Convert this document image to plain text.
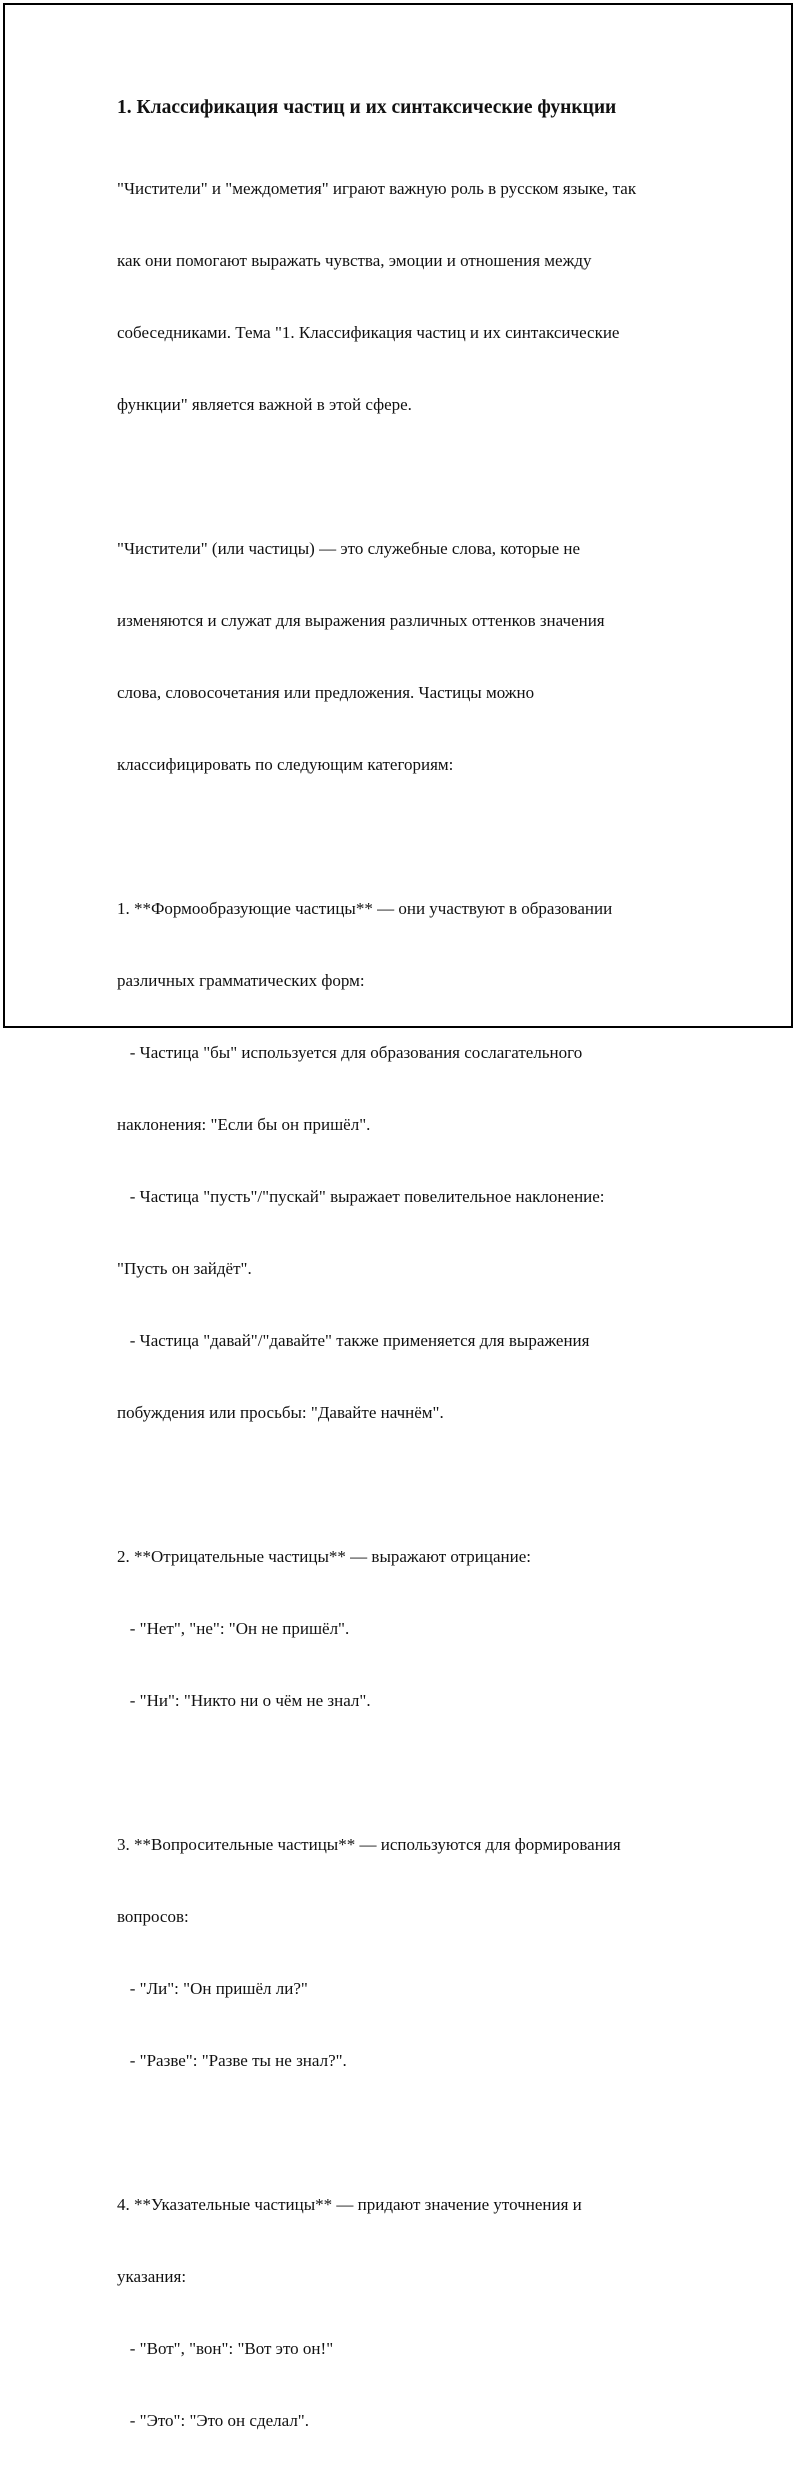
1. Классификация частиц и их синтаксические функции

"Чистители" и "междометия" играют важную роль в русском языке, так

как они помогают выражать чувства, эмоции и отношения между

собеседниками. Тема "1. Классификация частиц и их синтаксические

функции" является важной в этой сфере.

"Чистители" (или частицы) — это служебные слова, которые не

изменяются и служат для выражения различных оттенков значения

слова, словосочетания или предложения. Частицы можно

классифицировать по следующим категориям:

1. **Формообразующие частицы** — они участвуют в образовании

различных грамматических форм:

- Частица "бы" используется для образования сослагательного

наклонения: "Если бы он пришёл".

- Частица "пусть"/"пускай" выражает повелительное наклонение:

"Пусть он зайдёт".

- Частица "давай"/"давайте" также применяется для выражения

побуждения или просьбы: "Давайте начнём".

2. **Отрицательные частицы** — выражают отрицание:

- "Нет", "не": "Он не пришёл".

- "Ни": "Никто ни о чём не знал".

3. **Вопросительные частицы** — используются для формирования

вопросов:

- "Ли": "Он пришёл ли?"

- "Разве": "Разве ты не знал?".

4. **Указательные частицы** — придают значение уточнения и

указания:

- "Вот", "вон": "Вот это он!"

- "Это": "Это он сделал".
